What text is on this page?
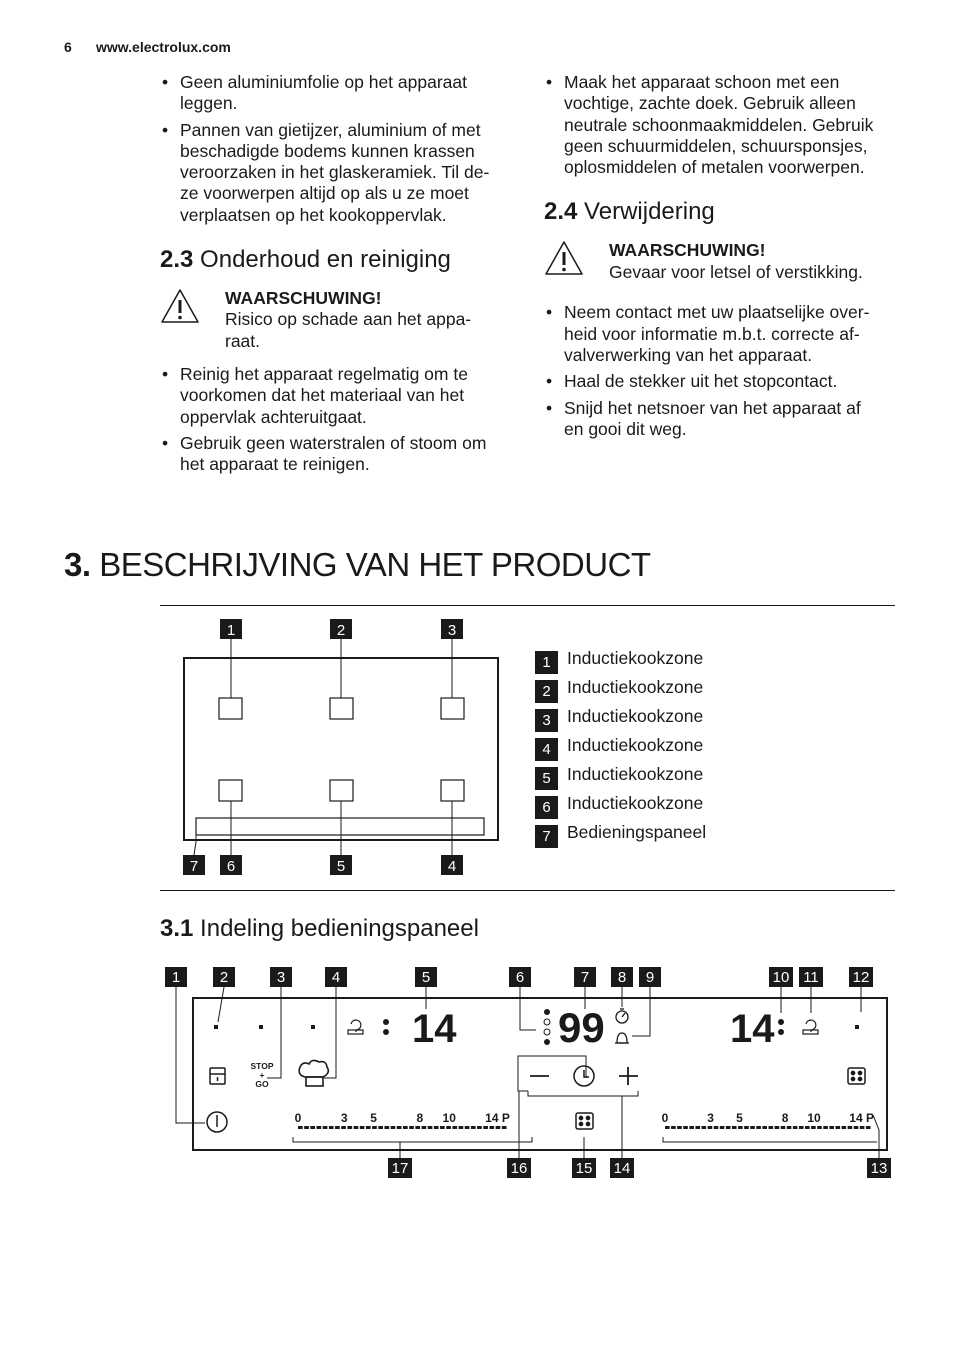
6 www.electrolux.com
• Geen aluminiumfolie op het apparaat
leggen.
• Pannen van gietijzer, aluminium of met
beschadigde bodems kunnen krassen
veroorzaken in het glaskeramiek. Til de-
ze voorwerpen altijd op als u ze moet
verplaatsen op het kookoppervlak.
2.3 Onderhoud en reiniging
WAARSCHUWING!
Risico op schade aan het appa-
raat.
• Reinig het apparaat regelmatig om te
voorkomen dat het materiaal van het
oppervlak achteruitgaat.
• Gebruik geen waterstralen of stoom om
het apparaat te reinigen.
• Maak het apparaat schoon met een
vochtige, zachte doek. Gebruik alleen
neutrale schoonmaakmiddelen. Gebruik
geen schuurmiddelen, schuursponsjes,
oplosmiddelen of metalen voorwerpen.
2.4 Verwijdering
WAARSCHUWING!
Gevaar voor letsel of verstikking.
• Neem contact met uw plaatselijke over-
heid voor informatie m.b.t. correcte af-
valverwerking van het apparaat.
• Haal de stekker uit het stopcontact.
• Snijd het netsnoer van het apparaat af
en gooi dit weg.
3. BESCHRIJVING VAN HET PRODUCT
1	2	3
7 6	5	4
1 Inductiekookzone
2 Inductiekookzone
3 Inductiekookzone
4 Inductiekookzone
5 Inductiekookzone
6 Inductiekookzone
7 Bedieningspaneel
3.1 Indeling bedieningspaneel
1	2	3	4	5	6	7 8 9	10 11 12
17	16	15 14	13
14 99	14
STOP
+
GO
0	3 5	8 10 14 P	0	3 5	8 10 14 P
